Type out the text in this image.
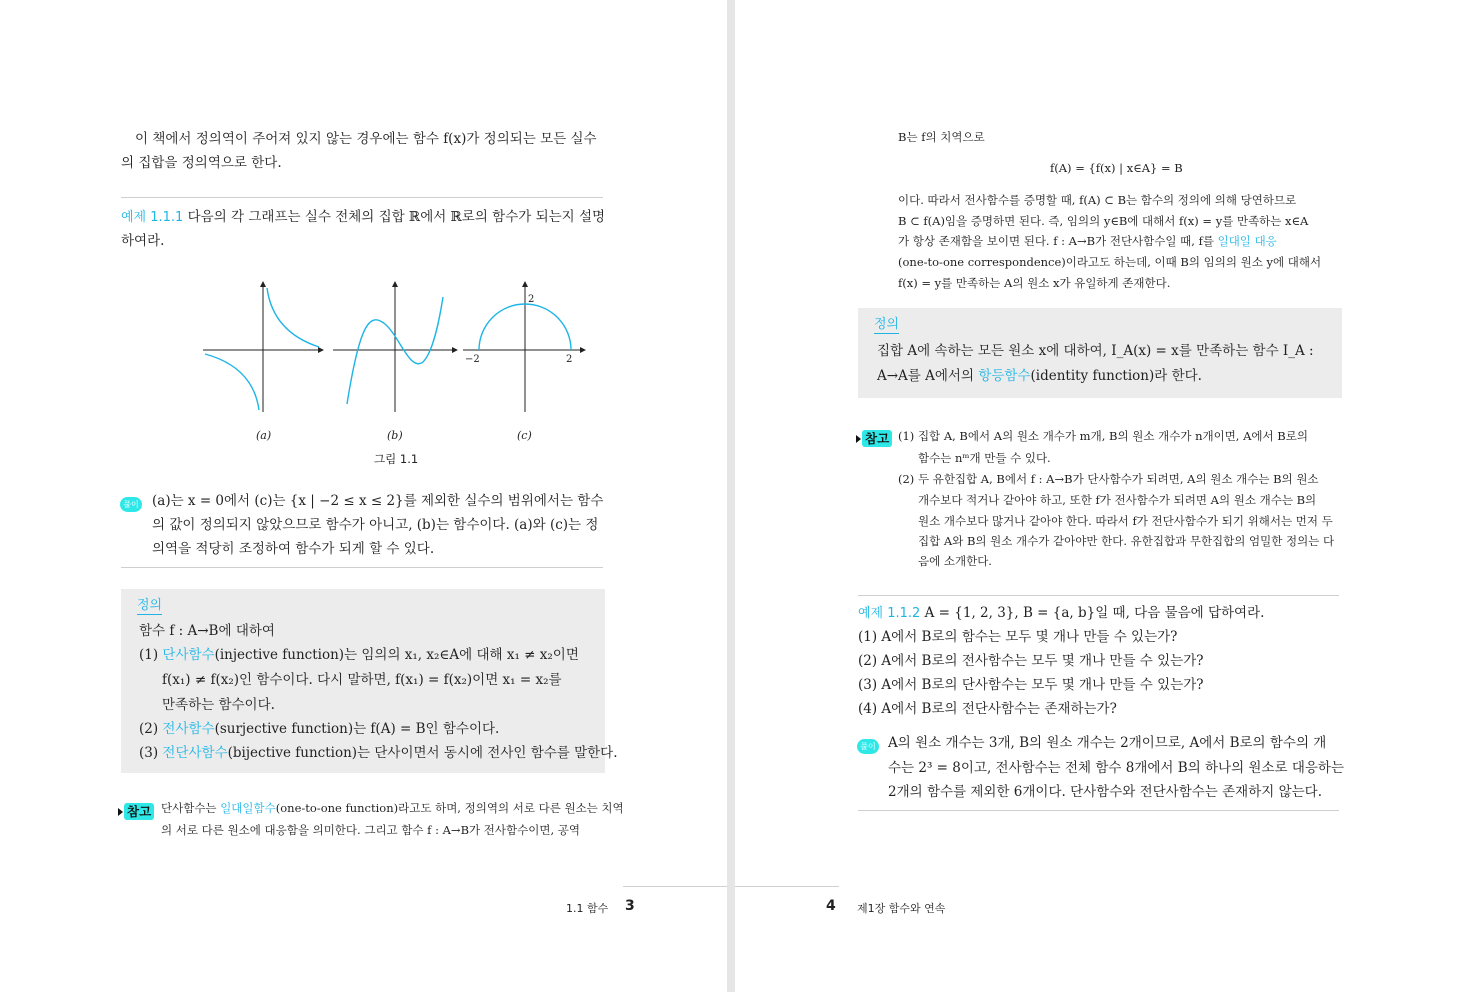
이 책에서 정의역이 주어져 있지 않는 경우에는 함수 f(x)가 정의되는 모든 실수
의 집합을 정의역으로 한다.
예제 1.1.1 다음의 각 그래프는 실수 전체의 집합 ℝ에서 ℝ로의 함수가 되는지 설명
하여라.
−2	2
2
(a)	(b)	(c)
그림 1.1
풀이 (a)는 x = 0에서 (c)는 {x | −2 ≤ x ≤ 2}를 제외한 실수의 범위에서는 함수
의 값이 정의되지 않았으므로 함수가 아니고, (b)는 함수이다. (a)와 (c)는 정
의역을 적당히 조정하여 함수가 되게 할 수 있다.
정의
함수 f : A→B에 대하여
(1) 단사함수(injective function)는 임의의 x₁, x₂∈A에 대해 x₁ ≠ x₂이면
f(x₁) ≠ f(x₂)인 함수이다. 다시 말하면, f(x₁) = f(x₂)이면 x₁ = x₂를
만족하는 함수이다.
(2) 전사함수(surjective function)는 f(A) = B인 함수이다.
(3) 전단사함수(bijective function)는 단사이면서 동시에 전사인 함수를 말한다.
참고 단사함수는 일대일함수(one-to-one function)라고도 하며, 정의역의 서로 다른 원소는 치역
의 서로 다른 원소에 대응함을 의미한다. 그리고 함수 f : A→B가 전사함수이면, 공역
1.1 함수 3
B는 f의 치역으로
f(A) = {f(x) | x∈A} = B
이다. 따라서 전사함수를 증명할 때, f(A) ⊂ B는 함수의 정의에 의해 당연하므로
B ⊂ f(A)임을 증명하면 된다. 즉, 임의의 y∈B에 대해서 f(x) = y를 만족하는 x∈A
가 항상 존재함을 보이면 된다. f : A→B가 전단사함수일 때, f를 일대일 대응
(one-to-one correspondence)이라고도 하는데, 이때 B의 임의의 원소 y에 대해서
f(x) = y를 만족하는 A의 원소 x가 유일하게 존재한다.
정의
집합 A에 속하는 모든 원소 x에 대하여, I_A(x) = x를 만족하는 함수 I_A :
A→A를 A에서의 항등함수(identity function)라 한다.
참고 (1) 집합 A, B에서 A의 원소 개수가 m개, B의 원소 개수가 n개이면, A에서 B로의
함수는 nᵐ개 만들 수 있다.
(2) 두 유한집합 A, B에서 f : A→B가 단사함수가 되려면, A의 원소 개수는 B의 원소
개수보다 적거나 같아야 하고, 또한 f가 전사함수가 되려면 A의 원소 개수는 B의
원소 개수보다 많거나 같아야 한다. 따라서 f가 전단사함수가 되기 위해서는 먼저 두
집합 A와 B의 원소 개수가 같아야만 한다. 유한집합과 무한집합의 엄밀한 정의는 다
음에 소개한다.
예제 1.1.2 A = {1, 2, 3}, B = {a, b}일 때, 다음 물음에 답하여라.
(1) A에서 B로의 함수는 모두 몇 개나 만들 수 있는가?
(2) A에서 B로의 전사함수는 모두 몇 개나 만들 수 있는가?
(3) A에서 B로의 단사함수는 모두 몇 개나 만들 수 있는가?
(4) A에서 B로의 전단사함수는 존재하는가?
풀이 A의 원소 개수는 3개, B의 원소 개수는 2개이므로, A에서 B로의 함수의 개
수는 2³ = 8이고, 전사함수는 전체 함수 8개에서 B의 하나의 원소로 대응하는
2개의 함수를 제외한 6개이다. 단사함수와 전단사함수는 존재하지 않는다.
4 제1장 함수와 연속
